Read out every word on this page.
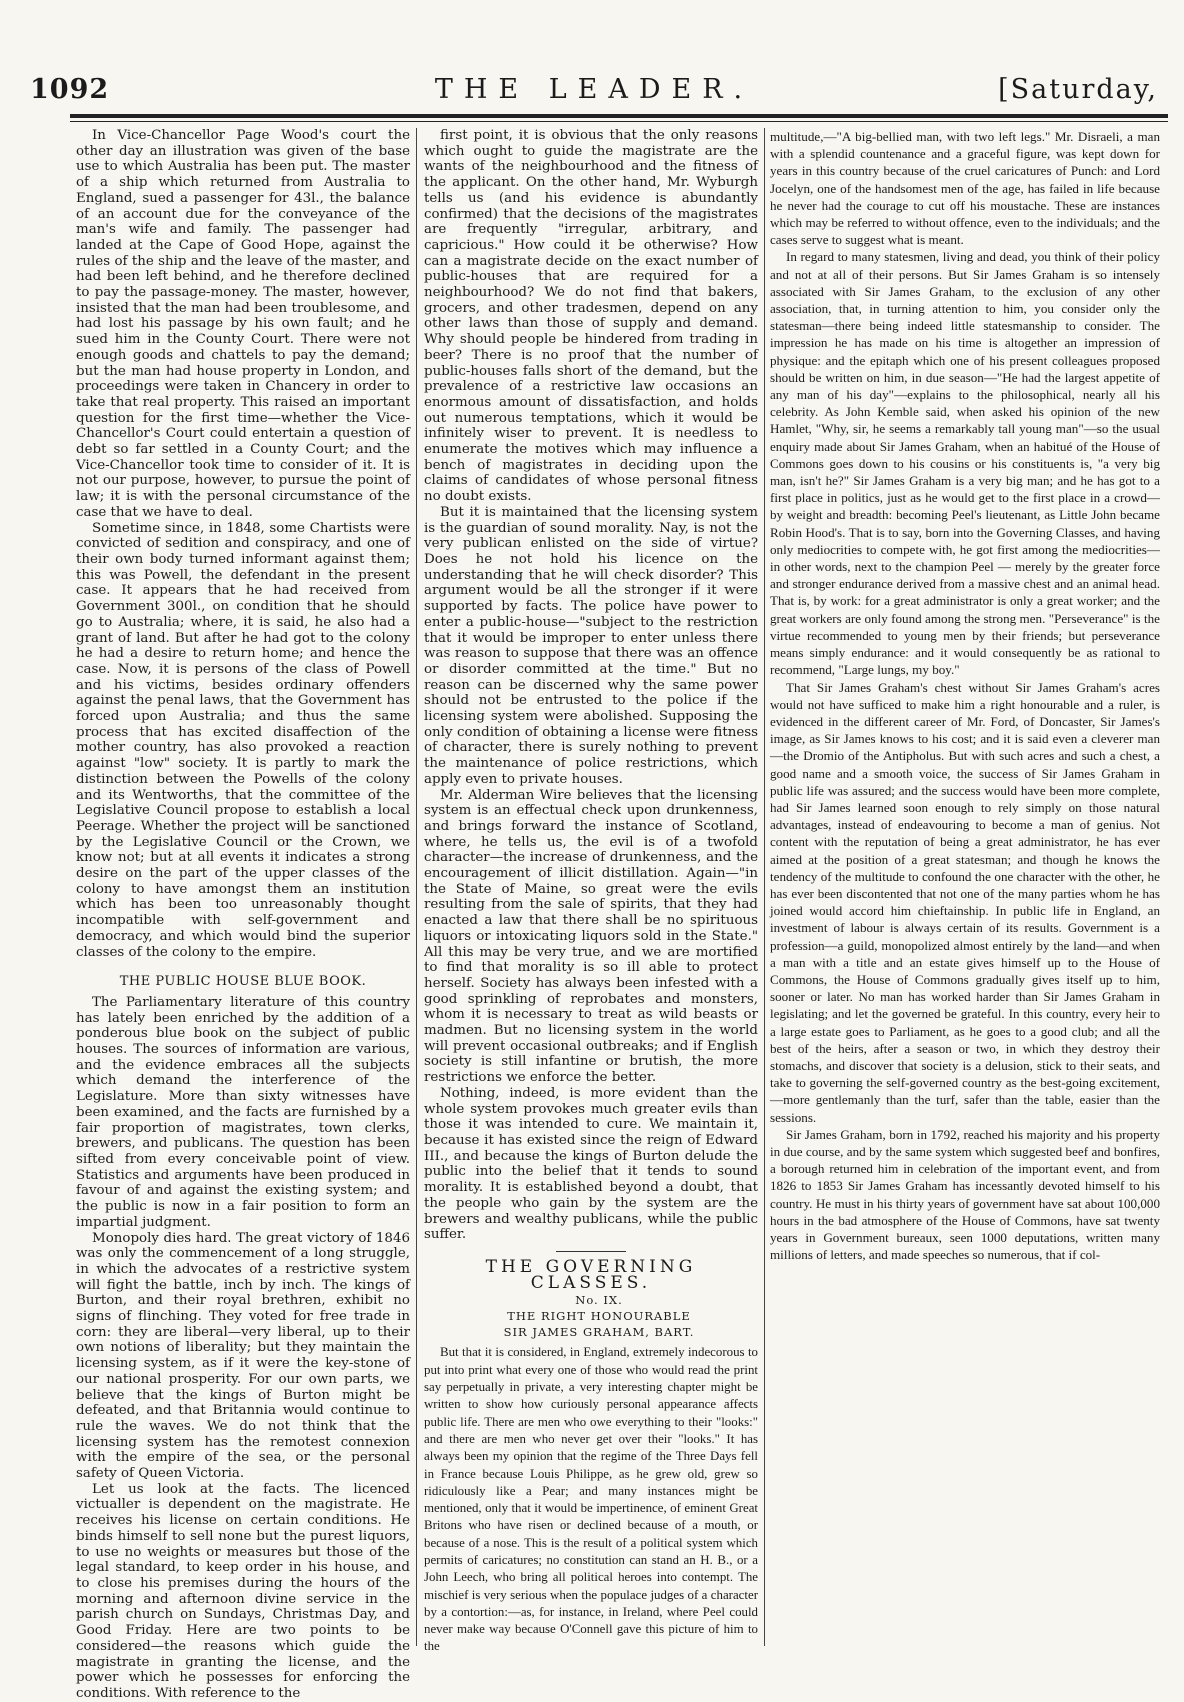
1092	THE LEADER.	[Saturday,

In Vice-Chancellor Page Wood's court the other day an illustration was given of the base use to which Australia has been put. The master of a ship which returned from Australia to England, sued a passenger for 43l., the balance of an account due for the conveyance of the man's wife and family. The passenger had landed at the Cape of Good Hope, against the rules of the ship and the leave of the master, and had been left behind, and he therefore declined to pay the passage-money. The master, however, insisted that the man had been troublesome, and had lost his passage by his own fault; and he sued him in the County Court. There were not enough goods and chattels to pay the demand; but the man had house property in London, and proceedings were taken in Chancery in order to take that real property. This raised an important question for the first time—whether the Vice-Chancellor's Court could entertain a question of debt so far settled in a County Court; and the Vice-Chancellor took time to consider of it. It is not our purpose, however, to pursue the point of law; it is with the personal circumstance of the case that we have to deal.

Sometime since, in 1848, some Chartists were convicted of sedition and conspiracy, and one of their own body turned informant against them; this was Powell, the defendant in the present case. It appears that he had received from Government 300l., on condition that he should go to Australia; where, it is said, he also had a grant of land. But after he had got to the colony he had a desire to return home; and hence the case. Now, it is persons of the class of Powell and his victims, besides ordinary offenders against the penal laws, that the Government has forced upon Australia; and thus the same process that has excited disaffection of the mother country, has also provoked a reaction against "low" society. It is partly to mark the distinction between the Powells of the colony and its Wentworths, that the committee of the Legislative Council propose to establish a local Peerage. Whether the project will be sanctioned by the Legislative Council or the Crown, we know not; but at all events it indicates a strong desire on the part of the upper classes of the colony to have amongst them an institution which has been too unreasonably thought incompatible with self-government and democracy, and which would bind the superior classes of the colony to the empire.

THE PUBLIC HOUSE BLUE BOOK.

The Parliamentary literature of this country has lately been enriched by the addition of a ponderous blue book on the subject of public houses. The sources of information are various, and the evidence embraces all the subjects which demand the interference of the Legislature. More than sixty witnesses have been examined, and the facts are furnished by a fair proportion of magistrates, town clerks, brewers, and publicans. The question has been sifted from every conceivable point of view. Statistics and arguments have been produced in favour of and against the existing system; and the public is now in a fair position to form an impartial judgment.

Monopoly dies hard. The great victory of 1846 was only the commencement of a long struggle, in which the advocates of a restrictive system will fight the battle, inch by inch. The kings of Burton, and their royal brethren, exhibit no signs of flinching. They voted for free trade in corn: they are liberal—very liberal, up to their own notions of liberality; but they maintain the licensing system, as if it were the key-stone of our national prosperity. For our own parts, we believe that the kings of Burton might be defeated, and that Britannia would continue to rule the waves. We do not think that the licensing system has the remotest connexion with the empire of the sea, or the personal safety of Queen Victoria.

Let us look at the facts. The licenced victualler is dependent on the magistrate. He receives his license on certain conditions. He binds himself to sell none but the purest liquors, to use no weights or measures but those of the legal standard, to keep order in his house, and to close his premises during the hours of the morning and afternoon divine service in the parish church on Sundays, Christmas Day, and Good Friday. Here are two points to be considered—the reasons which guide the magistrate in granting the license, and the power which he possesses for enforcing the conditions. With reference to the

first point, it is obvious that the only reasons which ought to guide the magistrate are the wants of the neighbourhood and the fitness of the applicant. On the other hand, Mr. Wyburgh tells us (and his evidence is abundantly confirmed) that the decisions of the magistrates are frequently "irregular, arbitrary, and capricious." How could it be otherwise? How can a magistrate decide on the exact number of public-houses that are required for a neighbourhood? We do not find that bakers, grocers, and other tradesmen, depend on any other laws than those of supply and demand. Why should people be hindered from trading in beer? There is no proof that the number of public-houses falls short of the demand, but the prevalence of a restrictive law occasions an enormous amount of dissatisfaction, and holds out numerous temptations, which it would be infinitely wiser to prevent. It is needless to enumerate the motives which may influence a bench of magistrates in deciding upon the claims of candidates of whose personal fitness no doubt exists.

But it is maintained that the licensing system is the guardian of sound morality. Nay, is not the very publican enlisted on the side of virtue? Does he not hold his licence on the understanding that he will check disorder? This argument would be all the stronger if it were supported by facts. The police have power to enter a public-house—"subject to the restriction that it would be improper to enter unless there was reason to suppose that there was an offence or disorder committed at the time." But no reason can be discerned why the same power should not be entrusted to the police if the licensing system were abolished. Supposing the only condition of obtaining a license were fitness of character, there is surely nothing to prevent the maintenance of police restrictions, which apply even to private houses.

Mr. Alderman Wire believes that the licensing system is an effectual check upon drunkenness, and brings forward the instance of Scotland, where, he tells us, the evil is of a twofold character—the increase of drunkenness, and the encouragement of illicit distillation. Again—"in the State of Maine, so great were the evils resulting from the sale of spirits, that they had enacted a law that there shall be no spirituous liquors or intoxicating liquors sold in the State." All this may be very true, and we are mortified to find that morality is so ill able to protect herself. Society has always been infested with a good sprinkling of reprobates and monsters, whom it is necessary to treat as wild beasts or madmen. But no licensing system in the world will prevent occasional outbreaks; and if English society is still infantine or brutish, the more restrictions we enforce the better.

Nothing, indeed, is more evident than the whole system provokes much greater evils than those it was intended to cure. We maintain it, because it has existed since the reign of Edward III., and because the kings of Burton delude the public into the belief that it tends to sound morality. It is established beyond a doubt, that the people who gain by the system are the brewers and wealthy publicans, while the public suffer.

THE GOVERNING CLASSES.

No. IX.

THE RIGHT HONOURABLE

SIR JAMES GRAHAM, BART.

But that it is considered, in England, extremely indecorous to put into print what every one of those who would read the print say perpetually in private, a very interesting chapter might be written to show how curiously personal appearance affects public life. There are men who owe everything to their "looks:" and there are men who never get over their "looks." It has always been my opinion that the regime of the Three Days fell in France because Louis Philippe, as he grew old, grew so ridiculously like a Pear; and many instances might be mentioned, only that it would be impertinence, of eminent Great Britons who have risen or declined because of a mouth, or because of a nose. This is the result of a political system which permits of caricatures; no constitution can stand an H. B., or a John Leech, who bring all political heroes into contempt. The mischief is very serious when the populace judges of a character by a contortion:—as, for instance, in Ireland, where Peel could never make way because O'Connell gave this picture of him to the

multitude,—"A big-bellied man, with two left legs." Mr. Disraeli, a man with a splendid countenance and a graceful figure, was kept down for years in this country because of the cruel caricatures of Punch: and Lord Jocelyn, one of the handsomest men of the age, has failed in life because he never had the courage to cut off his moustache. These are instances which may be referred to without offence, even to the individuals; and the cases serve to suggest what is meant.

In regard to many statesmen, living and dead, you think of their policy and not at all of their persons. But Sir James Graham is so intensely associated with Sir James Graham, to the exclusion of any other association, that, in turning attention to him, you consider only the statesman—there being indeed little statesmanship to consider. The impression he has made on his time is altogether an impression of physique: and the epitaph which one of his present colleagues proposed should be written on him, in due season—"He had the largest appetite of any man of his day"—explains to the philosophical, nearly all his celebrity. As John Kemble said, when asked his opinion of the new Hamlet, "Why, sir, he seems a remarkably tall young man"—so the usual enquiry made about Sir James Graham, when an habitué of the House of Commons goes down to his cousins or his constituents is, "a very big man, isn't he?" Sir James Graham is a very big man; and he has got to a first place in politics, just as he would get to the first place in a crowd—by weight and breadth: becoming Peel's lieutenant, as Little John became Robin Hood's. That is to say, born into the Governing Classes, and having only mediocrities to compete with, he got first among the mediocrities—in other words, next to the champion Peel — merely by the greater force and stronger endurance derived from a massive chest and an animal head. That is, by work: for a great administrator is only a great worker; and the great workers are only found among the strong men. "Perseverance" is the virtue recommended to young men by their friends; but perseverance means simply endurance: and it would consequently be as rational to recommend, "Large lungs, my boy."

That Sir James Graham's chest without Sir James Graham's acres would not have sufficed to make him a right honourable and a ruler, is evidenced in the different career of Mr. Ford, of Doncaster, Sir James's image, as Sir James knows to his cost; and it is said even a cleverer man—the Dromio of the Antipholus. But with such acres and such a chest, a good name and a smooth voice, the success of Sir James Graham in public life was assured; and the success would have been more complete, had Sir James learned soon enough to rely simply on those natural advantages, instead of endeavouring to become a man of genius. Not content with the reputation of being a great administrator, he has ever aimed at the position of a great statesman; and though he knows the tendency of the multitude to confound the one character with the other, he has ever been discontented that not one of the many parties whom he has joined would accord him chieftainship. In public life in England, an investment of labour is always certain of its results. Government is a profession—a guild, monopolized almost entirely by the land—and when a man with a title and an estate gives himself up to the House of Commons, the House of Commons gradually gives itself up to him, sooner or later. No man has worked harder than Sir James Graham in legislating; and let the governed be grateful. In this country, every heir to a large estate goes to Parliament, as he goes to a good club; and all the best of the heirs, after a season or two, in which they destroy their stomachs, and discover that society is a delusion, stick to their seats, and take to governing the self-governed country as the best-going excitement,—more gentlemanly than the turf, safer than the table, easier than the sessions.

Sir James Graham, born in 1792, reached his majority and his property in due course, and by the same system which suggested beef and bonfires, a borough returned him in celebration of the important event, and from 1826 to 1853 Sir James Graham has incessantly devoted himself to his country. He must in his thirty years of government have sat about 100,000 hours in the bad atmosphere of the House of Commons, have sat twenty years in Government bureaux, seen 1000 deputations, written many millions of letters, and made speeches so numerous, that if col-
